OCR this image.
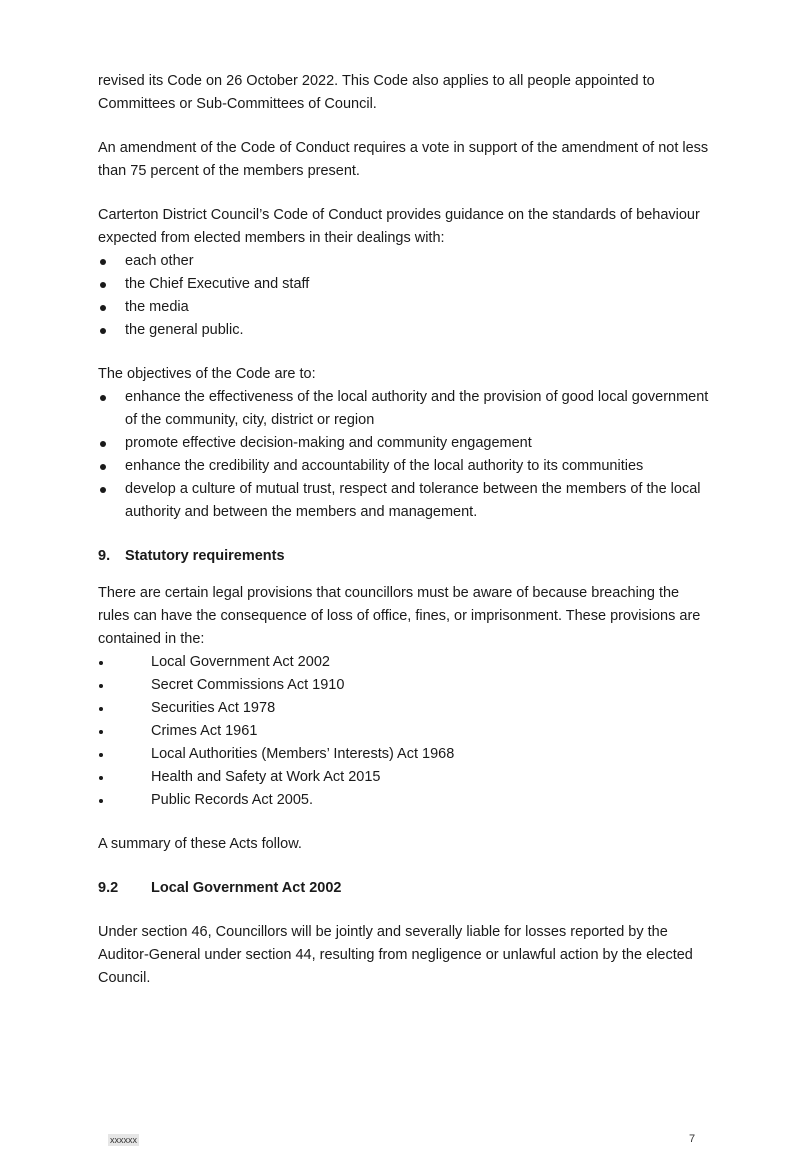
revised its Code on 26 October 2022. This Code also applies to all people appointed to Committees or Sub-Committees of Council.

An amendment of the Code of Conduct requires a vote in support of the amendment of not less than 75 percent of the members present.

Carterton District Council’s Code of Conduct provides guidance on the standards of behaviour expected from elected members in their dealings with:

each other
the Chief Executive and staff
the media
the general public.

The objectives of the Code are to:

enhance the effectiveness of the local authority and the provision of good local government of the community, city, district or region
promote effective decision-making and community engagement
enhance the credibility and accountability of the local authority to its communities
develop a culture of mutual trust, respect and tolerance between the members of the local authority and between the members and management.
9.	Statutory requirements

There are certain legal provisions that councillors must be aware of because breaching the rules can have the consequence of loss of office, fines, or imprisonment. These provisions are contained in the:

Local Government Act 2002
Secret Commissions Act 1910
Securities Act 1978
Crimes Act 1961
Local Authorities (Members’ Interests) Act 1968
Health and Safety at Work Act 2015
Public Records Act 2005.

A summary of these Acts follow.

9.2	Local Government Act 2002

Under section 46, Councillors will be jointly and severally liable for losses reported by the Auditor-General under section 44, resulting from negligence or unlawful action by the elected Council.

xxxxxx	7
